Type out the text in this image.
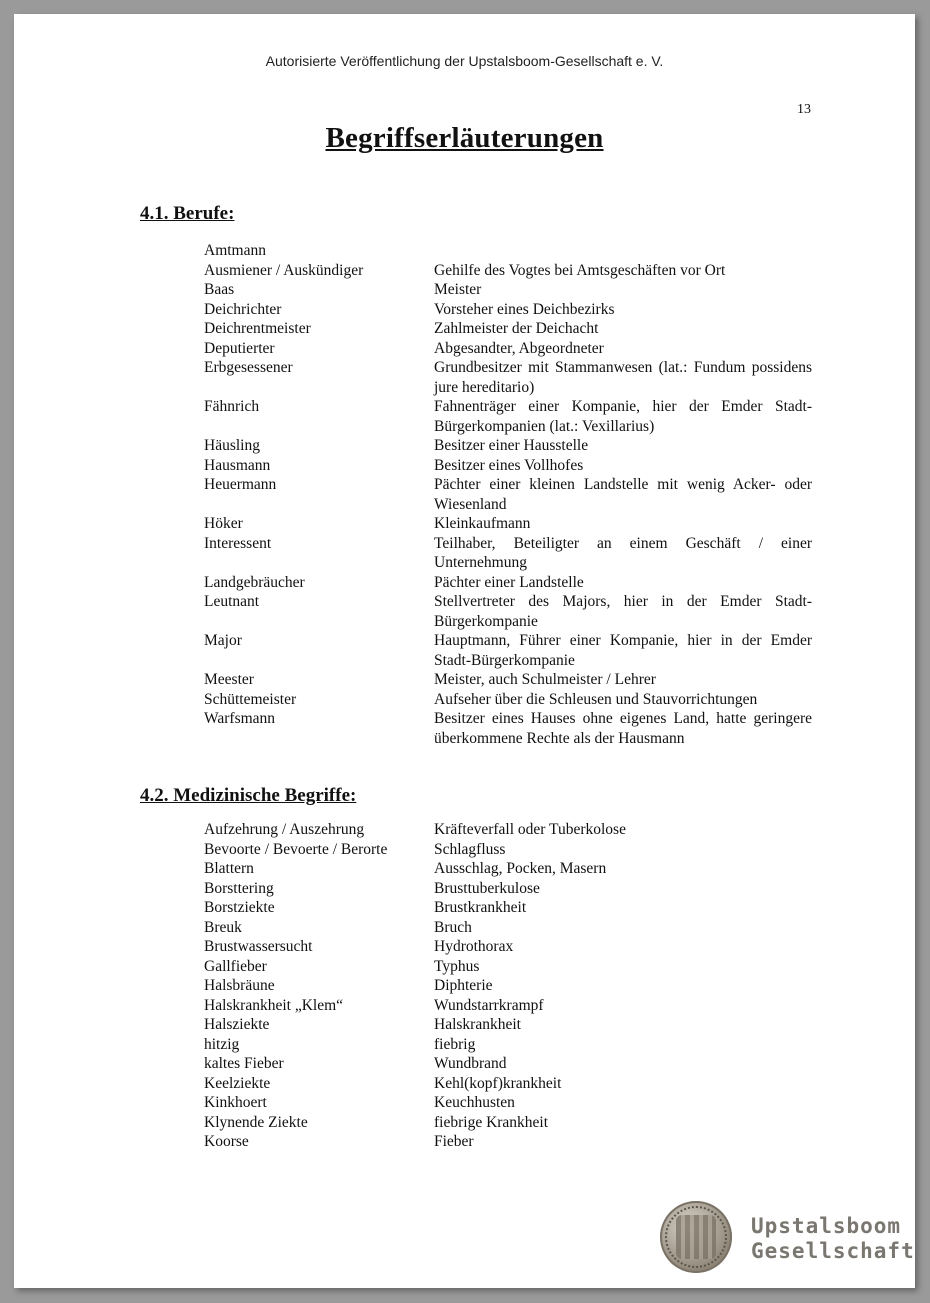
Autorisierte Veröffentlichung der Upstalsboom-Gesellschaft e. V.
13
Begriffserläuterungen
4.1. Berufe:
Amtmann
Ausmiener / Auskündiger	Gehilfe des Vogtes bei Amtsgeschäften vor Ort
Baas	Meister
Deichrichter	Vorsteher eines Deichbezirks
Deichrentmeister	Zahlmeister der Deichacht
Deputierter	Abgesandter, Abgeordneter
Erbgesessener	Grundbesitzer mit Stammanwesen (lat.: Fundum possidens jure hereditario)
Fähnrich	Fahnenträger einer Kompanie, hier der Emder Stadt-Bürgerkompanien (lat.: Vexillarius)
Häusling	Besitzer einer Hausstelle
Hausmann	Besitzer eines Vollhofes
Heuermann	Pächter einer kleinen Landstelle mit wenig Acker- oder Wiesenland
Höker	Kleinkaufmann
Interessent	Teilhaber, Beteiligter an einem Geschäft / einer Unternehmung
Landgebräucher	Pächter einer Landstelle
Leutnant	Stellvertreter des Majors, hier in der Emder Stadt-Bürgerkompanie
Major	Hauptmann, Führer einer Kompanie, hier in der Emder Stadt-Bürgerkompanie
Meester	Meister, auch Schulmeister / Lehrer
Schüttemeister	Aufseher über die Schleusen und Stauvorrichtungen
Warfsmann	Besitzer eines Hauses ohne eigenes Land, hatte geringere überkommene Rechte als der Hausmann
4.2. Medizinische Begriffe:
Aufzehrung / Auszehrung	Kräfteverfall oder Tuberkolose
Bevoorte / Bevoerte / Berorte	Schlagfluss
Blattern	Ausschlag, Pocken, Masern
Borsttering	Brusttuberkulose
Borstziekte	Brustkrankheit
Breuk	Bruch
Brustwassersucht	Hydrothorax
Gallfieber	Typhus
Halsbräune	Diphterie
Halskrankheit „Klem“	Wundstarrkrampf
Halsziekte	Halskrankheit
hitzig	fiebrig
kaltes Fieber	Wundbrand
Keelziekte	Kehl(kopf)krankheit
Kinkhoert	Keuchhusten
Klynende Ziekte	fiebrige Krankheit
Koorse	Fieber
Upstalsboom
Gesellschaft
